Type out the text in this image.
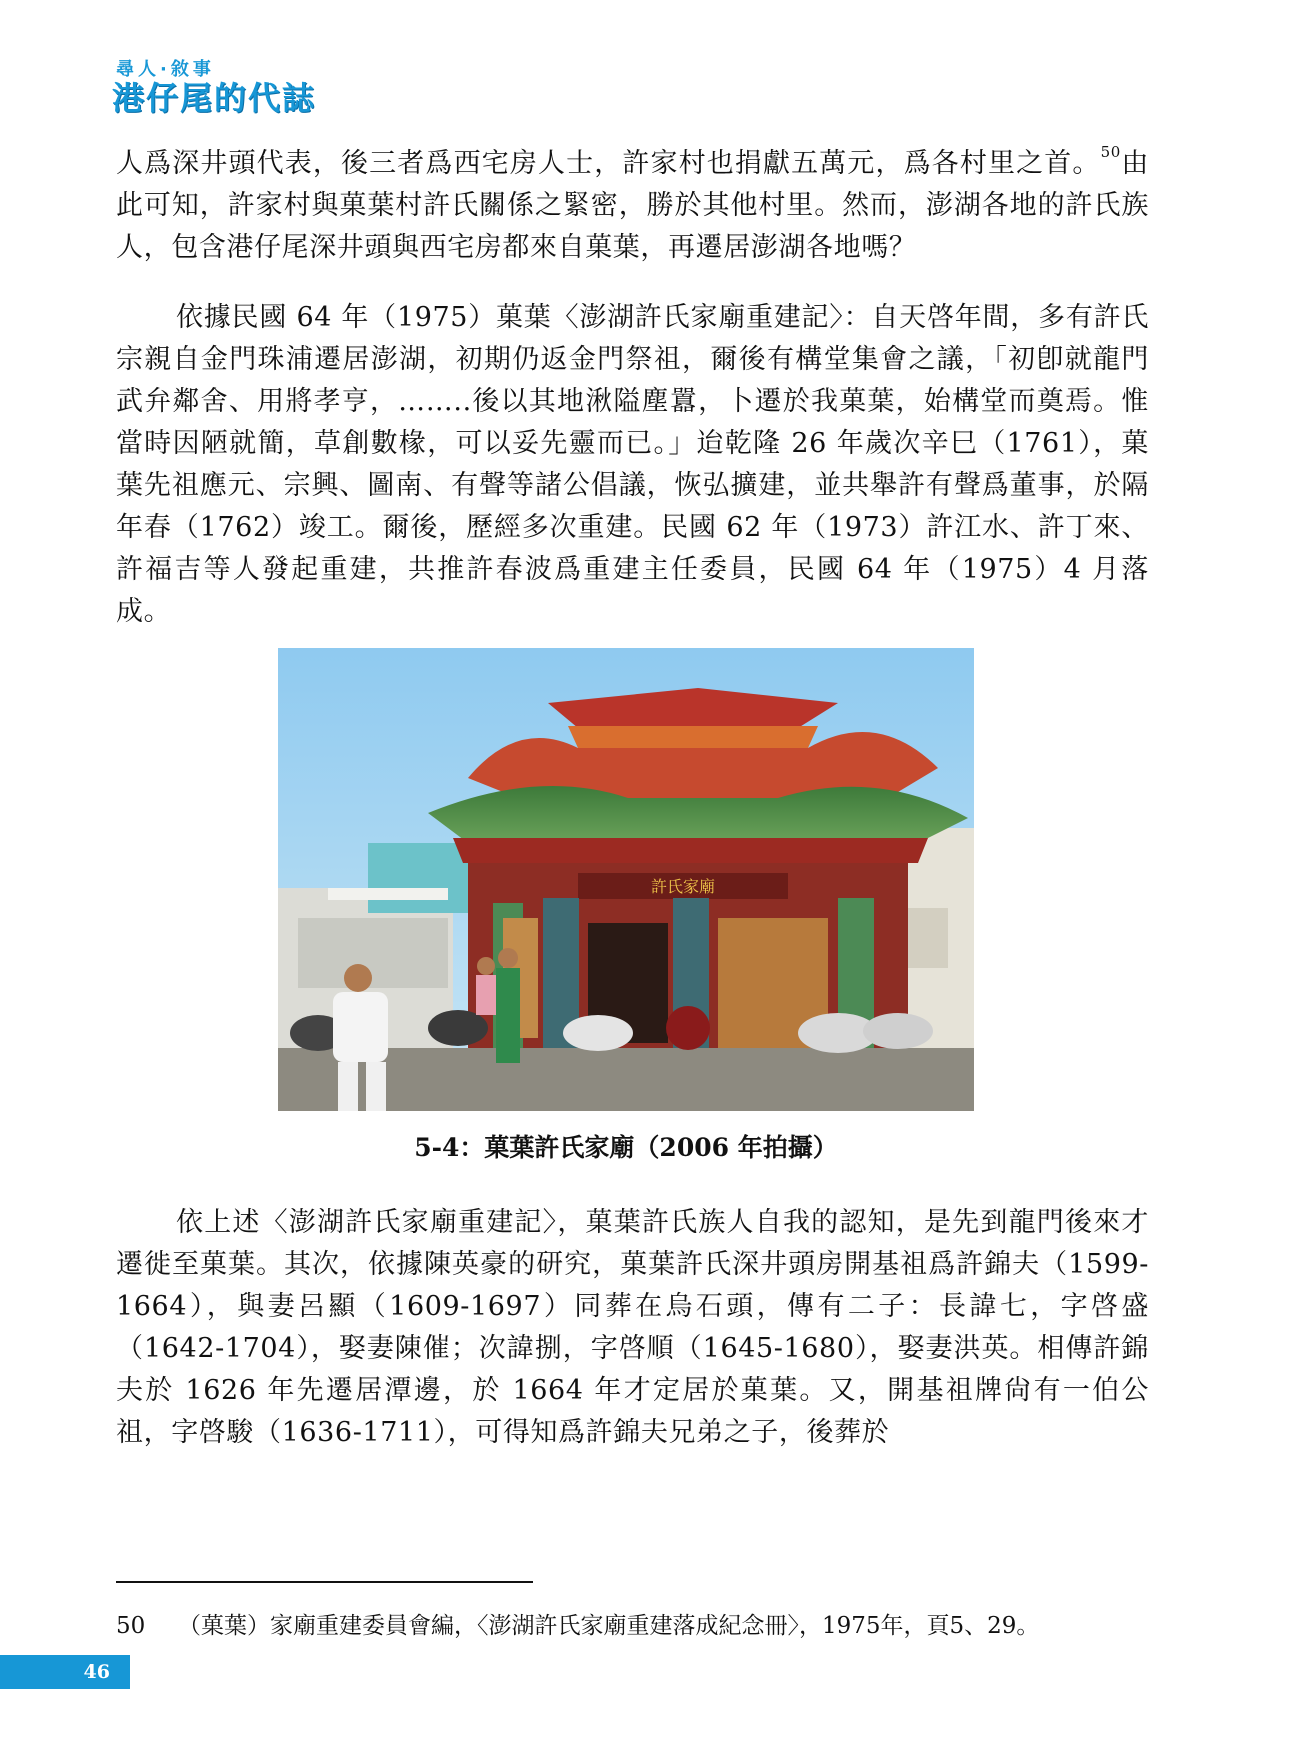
尋人·敘事
港仔尾的代誌

人爲深井頭代表，後三者爲西宅房人士，許家村也捐獻五萬元，爲各村里之首。$^{50}$由此可知，許家村與菓葉村許氏關係之緊密，勝於其他村里。然而，澎湖各地的許氏族人，包含港仔尾深井頭與西宅房都來自菓葉，再遷居澎湖各地嗎？

依據民國 64 年（1975）菓葉〈澎湖許氏家廟重建記〉：自天啓年間，多有許氏宗親自金門珠浦遷居澎湖，初期仍返金門祭祖，爾後有構堂集會之議，「初卽就龍門武弁鄰舍、用將孝亨，……..後以其地湫隘塵囂，卜遷於我菓葉，始構堂而奠焉。惟當時因陋就簡，草創數椽，可以妥先靈而已。」迨乾隆 26 年歲次辛巳（1761），菓葉先祖應元、宗興、圖南、有聲等諸公倡議，恢弘擴建，並共舉許有聲爲董事，於隔年春（1762）竣工。爾後，歷經多次重建。民國 62 年（1973）許江水、許丁來、許福吉等人發起重建，共推許春波爲重建主任委員，民國 64 年（1975）4 月落成。

許氏家廟
5-4：菓葉許氏家廟（2006 年拍攝）

依上述〈澎湖許氏家廟重建記〉，菓葉許氏族人自我的認知，是先到龍門後來才遷徙至菓葉。其次，依據陳英豪的研究，菓葉許氏深井頭房開基祖爲許錦夫（1599-1664），與妻呂顯（1609-1697）同葬在烏石頭，傳有二子：長諱七，字啓盛（1642-1704），娶妻陳催；次諱捌，字啓順（1645-1680），娶妻洪英。相傳許錦夫於 1626 年先遷居潭邊，於 1664 年才定居於菓葉。又，開基祖牌尙有一伯公祖，字啓駿（1636-1711），可得知爲許錦夫兄弟之子，後葬於

50 （菓葉）家廟重建委員會編，〈澎湖許氏家廟重建落成紀念冊〉，1975年，頁5、29。
46
